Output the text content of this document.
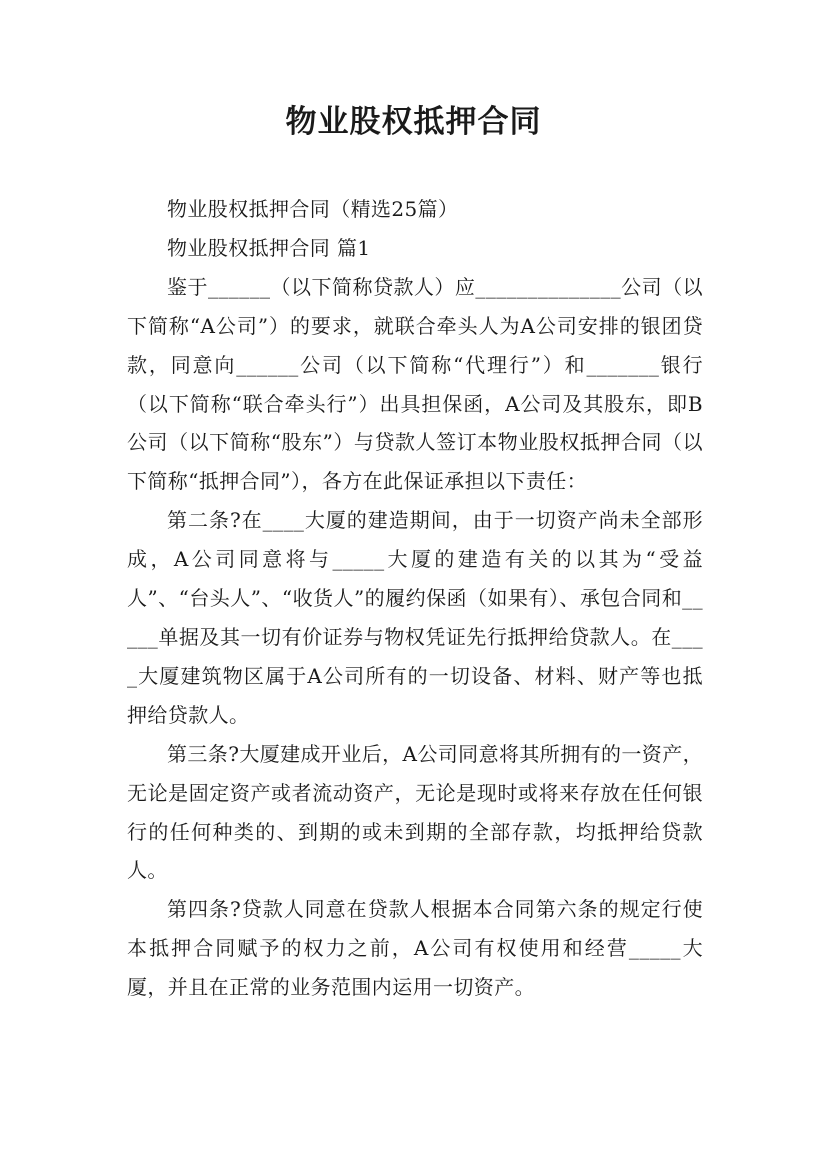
物业股权抵押合同

物业股权抵押合同（精选25篇）

物业股权抵押合同 篇1

鉴于______（以下简称贷款人）应______________公司（以下简称“A公司”）的要求，就联合牵头人为A公司安排的银团贷款，同意向______公司（以下简称“代理行”）和_______银行（以下简称“联合牵头行”）出具担保函，A公司及其股东，即B公司（以下简称“股东”）与贷款人签订本物业股权抵押合同（以下简称“抵押合同”），各方在此保证承担以下责任：

第二条?在____大厦的建造期间，由于一切资产尚未全部形成，A公司同意将与_____大厦的建造有关的以其为“受益人”、“台头人”、“收货人”的履约保函（如果有）、承包合同和_____单据及其一切有价证券与物权凭证先行抵押给贷款人。在____大厦建筑物区属于A公司所有的一切设备、材料、财产等也抵押给贷款人。

第三条?大厦建成开业后，A公司同意将其所拥有的一资产，无论是固定资产或者流动资产，无论是现时或将来存放在任何银行的任何种类的、到期的或未到期的全部存款，均抵押给贷款人。

第四条?贷款人同意在贷款人根据本合同第六条的规定行使本抵押合同赋予的权力之前，A公司有权使用和经营_____大厦，并且在正常的业务范围内运用一切资产。
